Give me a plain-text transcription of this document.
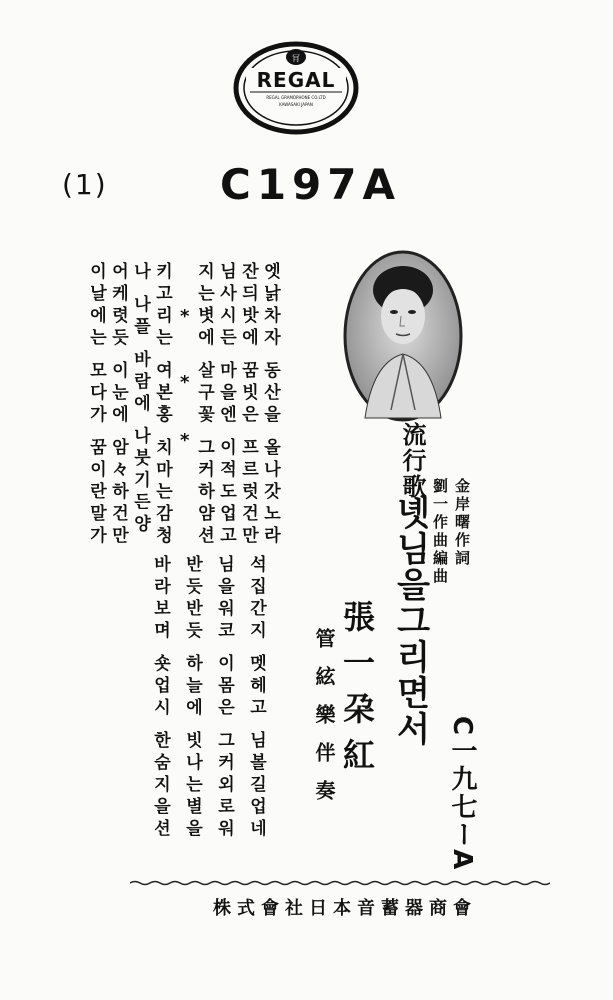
肎
REGAL
REGAL GRAMOPHONE CO.LTD
KAWASAKI JAPAN
(1)	C197A
엣낡차자 동산을 올나갓노라
잔듸밧에 꿈빗은 프르럿건만
님사시든 마을엔 이적도업고
지는볏에 살구꽃 그커하얌션
*
*
*
키고리는 여본홍 치마는감청
나 나플 바람에 나붓기든양
어케렷듯 이눈에 암々하건만
이날에는 모다가 꿈이란말가
석집간지 멧헤고 님볼길업네
님을워코 이몸은 그커외로워
반듯반듯 하늘에 빗나는별을
바라보며 숏업시 한숨지을션
流行歌
金岸曙作詞
劉一作曲編曲
녯님을그리면서
張一朶紅
管絃樂伴奏	C一九七ーA
會商器蓄音本日社會式株
